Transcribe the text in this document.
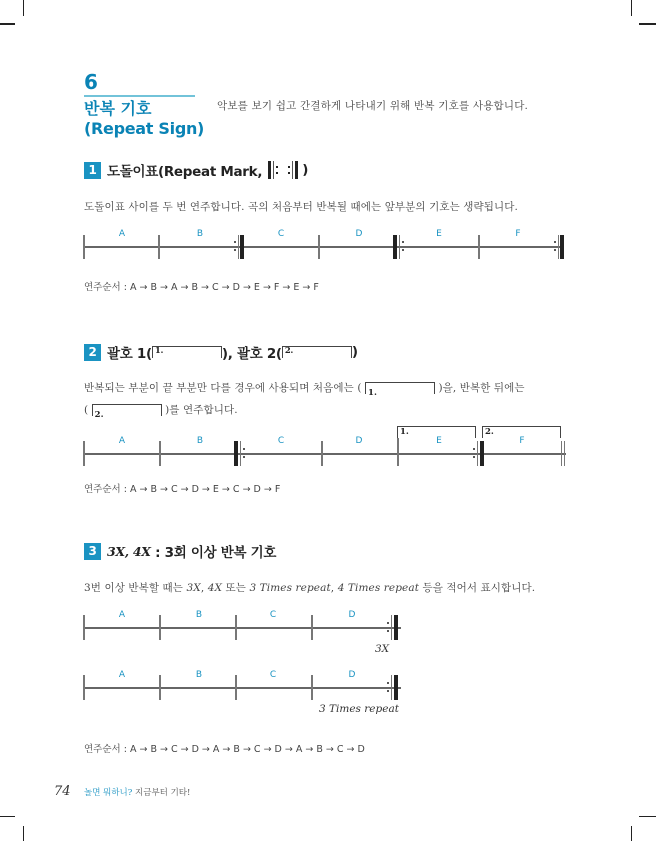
6
반복 기호
(Repeat Sign)
악보를 보기 쉽고 간결하게 나타내기 위해 반복 기호를 사용합니다.
1 도돌이표(Repeat Mark,	)
도돌이표 사이를 두 번 연주합니다. 곡의 처음부터 반복될 때에는 앞부분의 기호는 생략됩니다.
A	B	C	D	E	F
연주순서 : A → B → A → B → C → D → E → F → E → F
2 괄호 1( 1.	), 괄호 2( 2.	)
반복되는 부분이 끝 부분만 다를 경우에 사용되며 처음에는 ( 1.	)을, 반복한 뒤에는
( 2.	)를 연주합니다.
1.	2.
A	B	C	D	E	F
연주순서 : A → B → C → D → E → C → D → F
3 3X, 4X : 3회 이상 반복 기호
3번 이상 반복할 때는 3X, 4X 또는 3 Times repeat, 4 Times repeat 등을 적어서 표시합니다.
A	B	C	D
3X
A	B	C	D
3 Times repeat
연주순서 : A → B → C → D → A → B → C → D → A → B → C → D
74 놀면 뭐하니? 지금부터 기타!
